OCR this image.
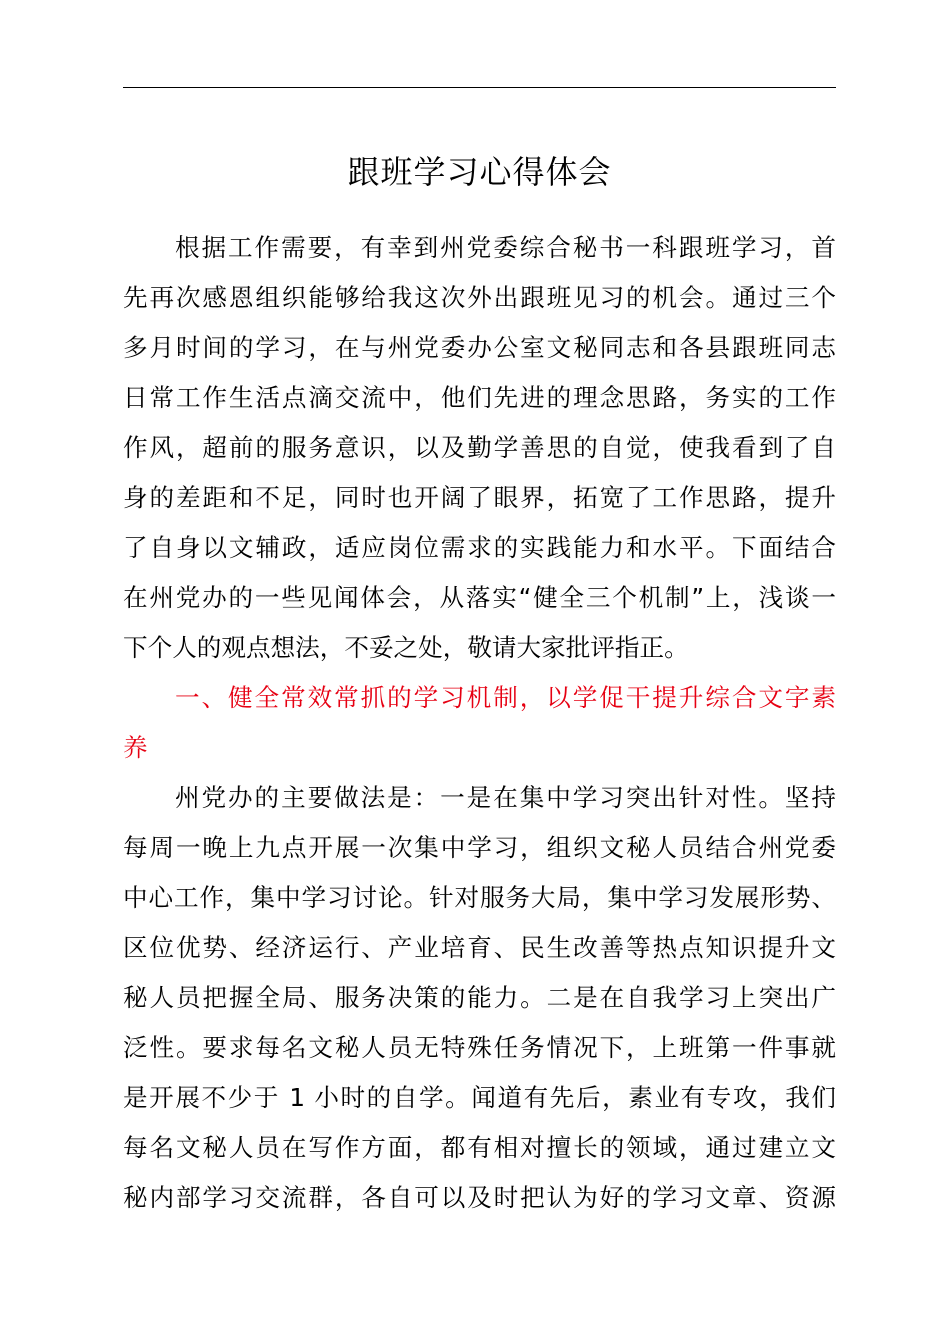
跟班学习心得体会
根据工作需要，有幸到州党委综合秘书一科跟班学习，首
先再次感恩组织能够给我这次外出跟班见习的机会。通过三个
多月时间的学习，在与州党委办公室文秘同志和各县跟班同志
日常工作生活点滴交流中，他们先进的理念思路，务实的工作
作风，超前的服务意识，以及勤学善思的自觉，使我看到了自
身的差距和不足，同时也开阔了眼界，拓宽了工作思路，提升
了自身以文辅政，适应岗位需求的实践能力和水平。下面结合
在州党办的一些见闻体会，从落实“健全三个机制”上，浅谈一
下个人的观点想法，不妥之处，敬请大家批评指正。
一、健全常效常抓的学习机制，以学促干提升综合文字素
养
州党办的主要做法是：一是在集中学习突出针对性。坚持
每周一晚上九点开展一次集中学习，组织文秘人员结合州党委
中心工作，集中学习讨论。针对服务大局，集中学习发展形势、
区位优势、经济运行、产业培育、民生改善等热点知识提升文
秘人员把握全局、服务决策的能力。二是在自我学习上突出广
泛性。要求每名文秘人员无特殊任务情况下，上班第一件事就
是开展不少于 1 小时的自学。闻道有先后，素业有专攻，我们
每名文秘人员在写作方面，都有相对擅长的领域，通过建立文
秘内部学习交流群，各自可以及时把认为好的学习文章、资源
